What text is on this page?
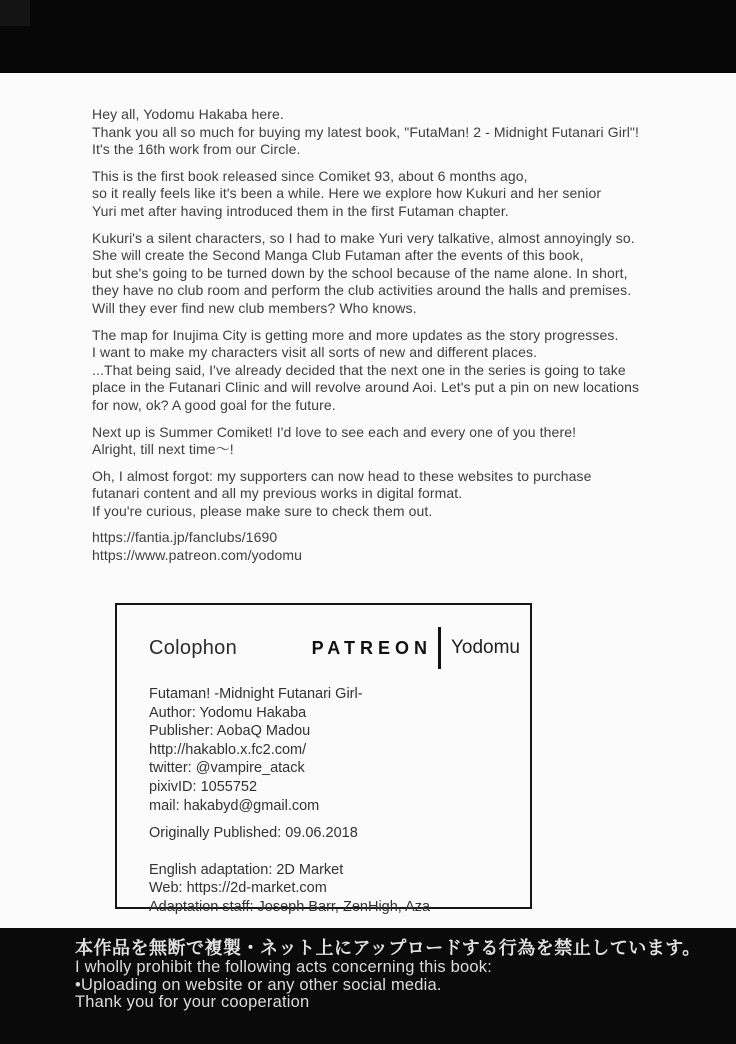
Hey all, Yodomu Hakaba here.
Thank you all so much for buying my latest book, "FutaMan! 2 - Midnight Futanari Girl"!
It's the 16th work from our Circle.

This is the first book released since Comiket 93, about 6 months ago,
so it really feels like it's been a while. Here we explore how Kukuri and her senior
Yuri met after having introduced them in the first Futaman chapter.

Kukuri's a silent characters, so I had to make Yuri very talkative, almost annoyingly so.
She will create the Second Manga Club Futaman after the events of this book,
but she's going to be turned down by the school because of the name alone. In short,
they have no club room and perform the club activities around the halls and premises.
Will they ever find new club members? Who knows.

The map for Inujima City is getting more and more updates as the story progresses.
I want to make my characters visit all sorts of new and different places.
...That being said, I've already decided that the next one in the series is going to take
place in the Futanari Clinic and will revolve around Aoi. Let's put a pin on new locations
for now, ok? A good goal for the future.

Next up is Summer Comiket! I'd love to see each and every one of you there!
Alright, till next time〜!

Oh, I almost forgot: my supporters can now head to these websites to purchase
futanari content and all my previous works in digital format.
If you're curious, please make sure to check them out.

https://fantia.jp/fanclubs/1690
https://www.patreon.com/yodomu

Colophon	PATREON Yodomu
Futaman! -Midnight Futanari Girl-
Author: Yodomu Hakaba
Publisher: AobaQ Madou
http://hakablo.x.fc2.com/
twitter: @vampire_atack
pixivID: 1055752
mail: hakabyd@gmail.com
Originally Published: 09.06.2018
English adaptation: 2D Market
Web: https://2d-market.com
Adaptation staff: Joseph Barr, ZenHigh, Aza
本作品を無断で複製・ネット上にアップロードする行為を禁止しています。
I wholly prohibit the following acts concerning this book:
•Uploading on website or any other social media.
Thank you for your cooperation
